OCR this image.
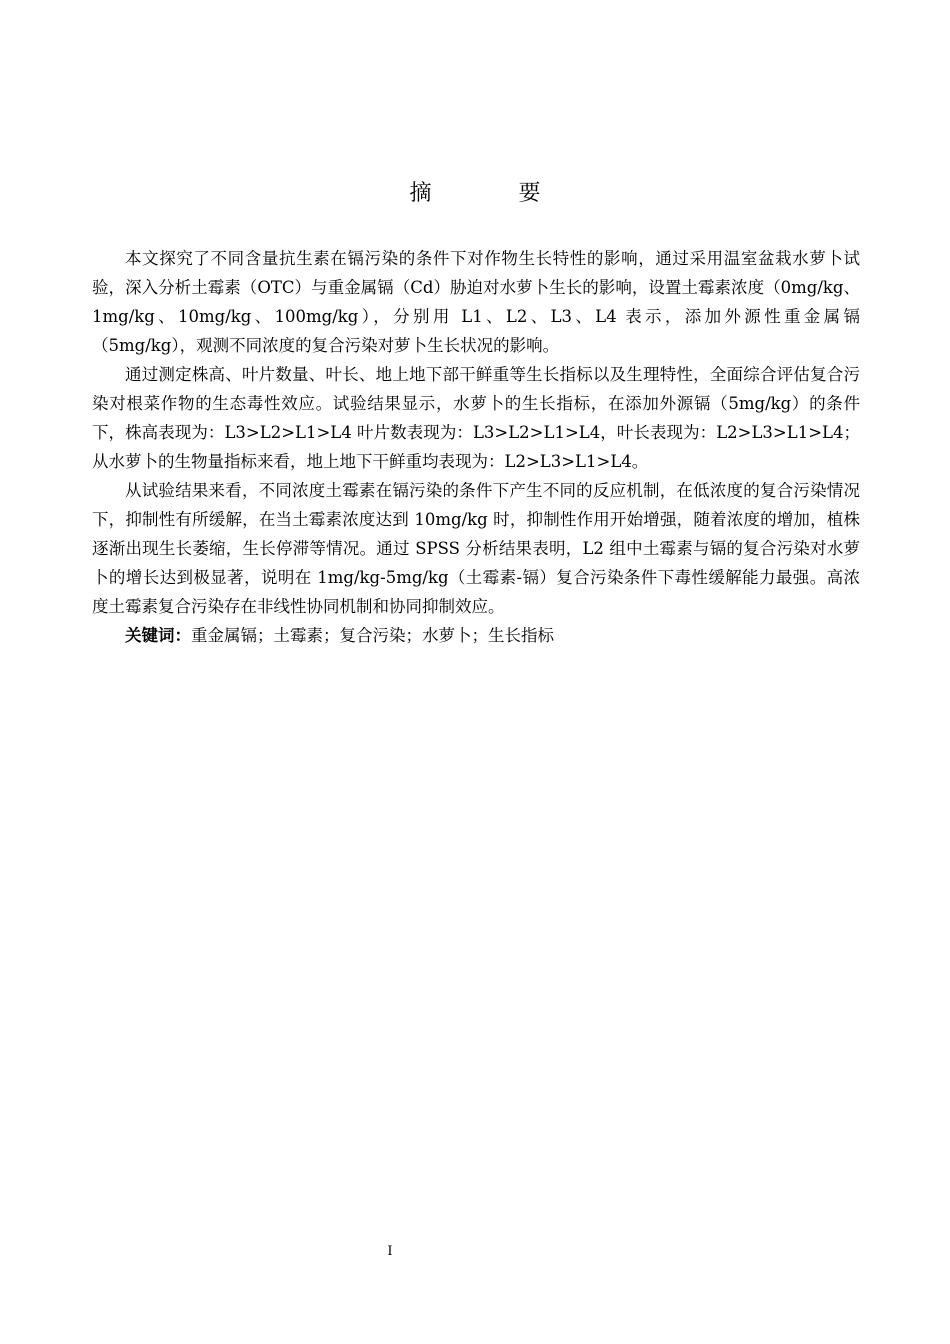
摘 要

本文探究了不同含量抗生素在镉污染的条件下对作物生长特性的影响，通过采用温室盆栽水萝卜试验，深入分析土霉素（OTC）与重金属镉（Cd）胁迫对水萝卜生长的影响，设置土霉素浓度（0mg/kg、1mg/kg、10mg/kg、100mg/kg），分别用 L1、L2、L3、L4 表示，添加外源性重金属镉（5mg/kg），观测不同浓度的复合污染对萝卜生长状况的影响。

通过测定株高、叶片数量、叶长、地上地下部干鲜重等生长指标以及生理特性，全面综合评估复合污染对根菜作物的生态毒性效应。试验结果显示，水萝卜的生长指标，在添加外源镉（5mg/kg）的条件下，株高表现为：L3>L2>L1>L4 叶片数表现为：L3>L2>L1>L4，叶长表现为：L2>L3>L1>L4；从水萝卜的生物量指标来看，地上地下干鲜重均表现为：L2>L3>L1>L4。

从试验结果来看，不同浓度土霉素在镉污染的条件下产生不同的反应机制，在低浓度的复合污染情况下，抑制性有所缓解，在当土霉素浓度达到 10mg/kg 时，抑制性作用开始增强，随着浓度的增加，植株逐渐出现生长萎缩，生长停滞等情况。通过 SPSS 分析结果表明，L2 组中土霉素与镉的复合污染对水萝卜的增长达到极显著，说明在 1mg/kg-5mg/kg（土霉素-镉）复合污染条件下毒性缓解能力最强。高浓度土霉素复合污染存在非线性协同机制和协同抑制效应。

关键词：重金属镉；土霉素；复合污染；水萝卜；生长指标

I
